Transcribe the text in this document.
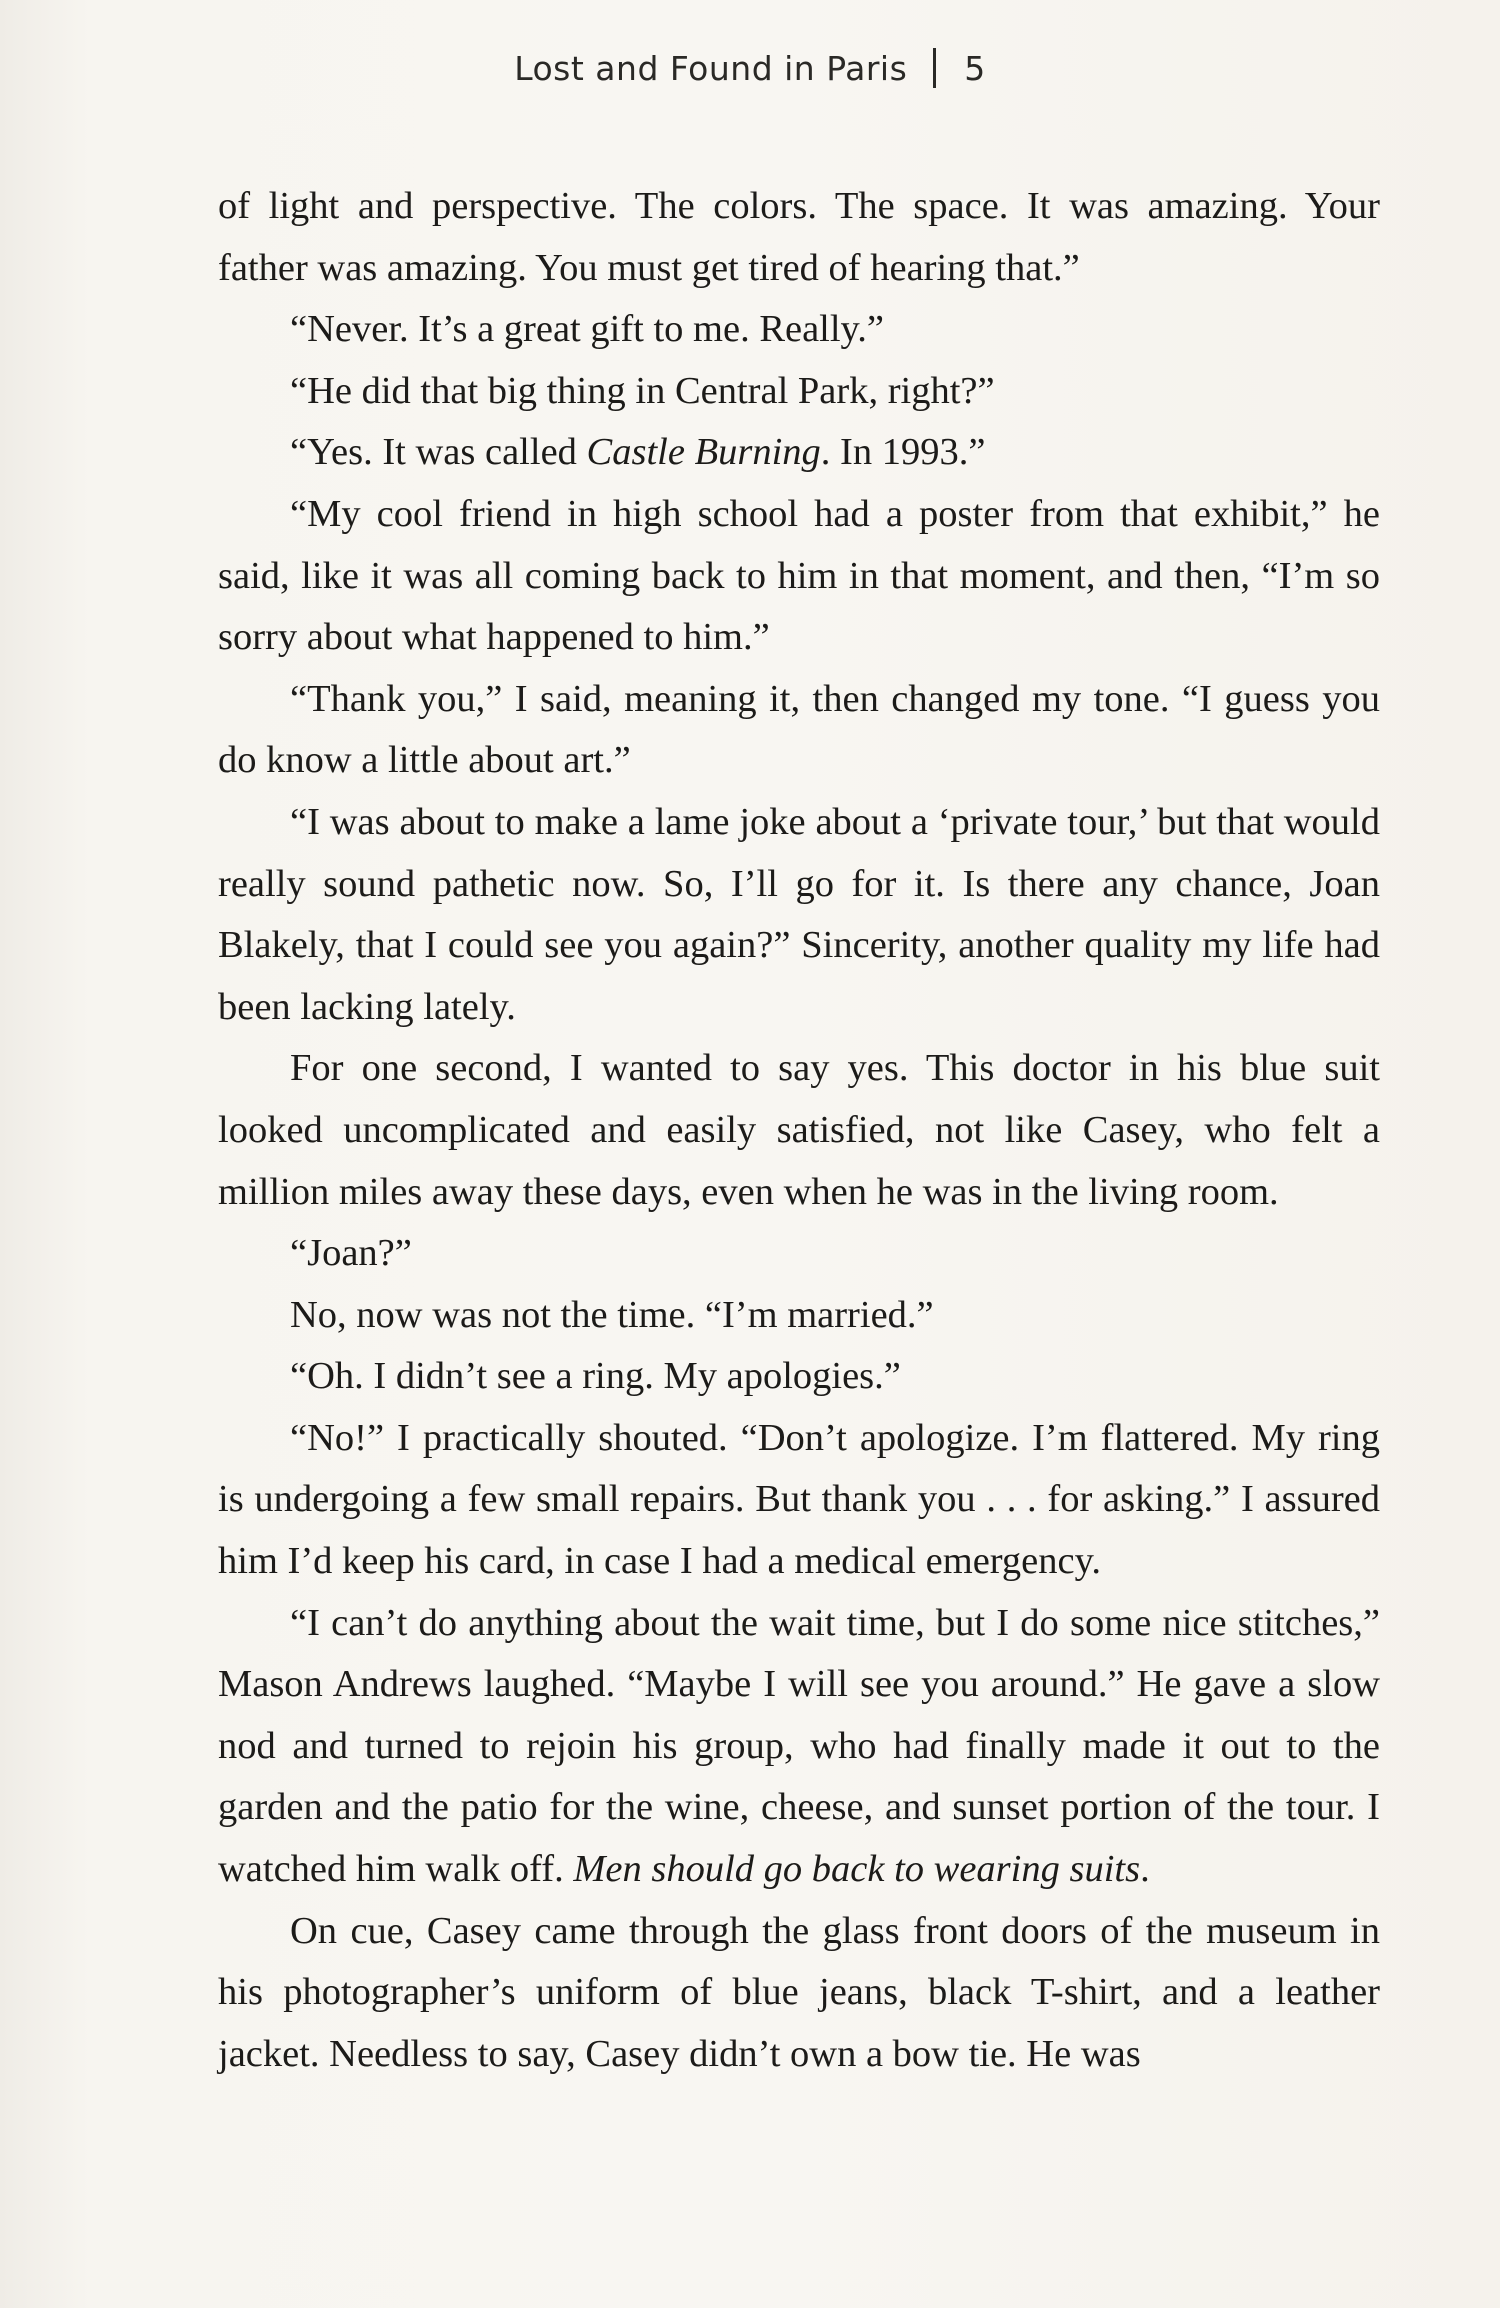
Lost and Found in Paris 5

of light and perspective. The colors. The space. It was amazing. Your father was amazing. You must get tired of hearing that.”

“Never. It’s a great gift to me. Really.”

“He did that big thing in Central Park, right?”

“Yes. It was called Castle Burning. In 1993.”

“My cool friend in high school had a poster from that exhibit,” he said, like it was all coming back to him in that moment, and then, “I’m so sorry about what happened to him.”

“Thank you,” I said, meaning it, then changed my tone. “I guess you do know a little about art.”

“I was about to make a lame joke about a ‘private tour,’ but that would really sound pathetic now. So, I’ll go for it. Is there any chance, Joan Blakely, that I could see you again?” Sincerity, another quality my life had been lacking lately.

For one second, I wanted to say yes. This doctor in his blue suit looked uncomplicated and easily satisfied, not like Casey, who felt a million miles away these days, even when he was in the living room.

“Joan?”

No, now was not the time. “I’m married.”

“Oh. I didn’t see a ring. My apologies.”

“No!” I practically shouted. “Don’t apologize. I’m flattered. My ring is undergoing a few small repairs. But thank you . . . for asking.” I assured him I’d keep his card, in case I had a medical emergency.

“I can’t do anything about the wait time, but I do some nice stitches,” Mason Andrews laughed. “Maybe I will see you around.” He gave a slow nod and turned to rejoin his group, who had finally made it out to the garden and the patio for the wine, cheese, and sunset portion of the tour. I watched him walk off. Men should go back to wearing suits.

On cue, Casey came through the glass front doors of the museum in his photographer’s uniform of blue jeans, black T-shirt, and a leather jacket. Needless to say, Casey didn’t own a bow tie. He was
